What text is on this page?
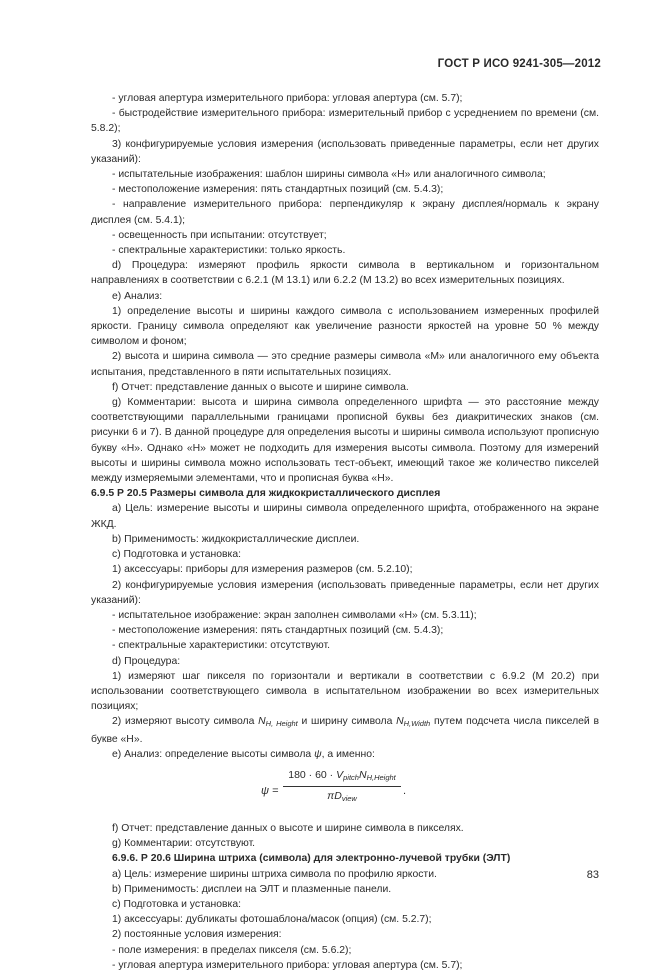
ГОСТ Р ИСО 9241-305—2012

- угловая апертура измерительного прибора: угловая апертура (см. 5.7);

- быстродействие измерительного прибора: измерительный прибор с усреднением по времени (см. 5.8.2);

3) конфигурируемые условия измерения (использовать приведенные параметры, если нет других указаний):

- испытательные изображения: шаблон ширины символа «Н» или аналогичного символа;

- местоположение измерения: пять стандартных позиций (см. 5.4.3);

- направление измерительного прибора: перпендикуляр к экрану дисплея/нормаль к экрану дисплея (см. 5.4.1);

- освещенность при испытании: отсутствует;

- спектральные характеристики: только яркость.

d) Процедура: измеряют профиль яркости символа в вертикальном и горизонтальном направлениях в соответствии с 6.2.1 (М 13.1) или 6.2.2 (М 13.2) во всех измерительных позициях.

e) Анализ:

1) определение высоты и ширины каждого символа с использованием измеренных профилей яркости. Границу символа определяют как увеличение разности яркостей на уровне 50 % между символом и фоном;

2) высота и ширина символа — это средние размеры символа «М» или аналогичного ему объекта испытания, представленного в пяти испытательных позициях.

f) Отчет: представление данных о высоте и ширине символа.

g) Комментарии: высота и ширина символа определенного шрифта — это расстояние между соответствующими параллельными границами прописной буквы без диакритических знаков (см. рисунки 6 и 7). В данной процедуре для определения высоты и ширины символа используют прописную букву «Н». Однако «Н» может не подходить для измерения высоты символа. Поэтому для измерений высоты и ширины символа можно использовать тест-объект, имеющий такое же количество пикселей между измеряемыми элементами, что и прописная буква «Н».

6.9.5 Р 20.5 Размеры символа для жидкокристаллического дисплея

a) Цель: измерение высоты и ширины символа определенного шрифта, отображенного на экране ЖКД.

b) Применимость: жидкокристаллические дисплеи.

c) Подготовка и установка:

1) аксессуары: приборы для измерения размеров (см. 5.2.10);

2) конфигурируемые условия измерения (использовать приведенные параметры, если нет других указаний):

- испытательное изображение: экран заполнен символами «Н» (см. 5.3.11);

- местоположение измерения: пять стандартных позиций (см. 5.4.3);

- спектральные характеристики: отсутствуют.

d) Процедура:

1) измеряют шаг пикселя по горизонтали и вертикали в соответствии с 6.9.2 (М 20.2) при использовании соответствующего символа в испытательном изображении во всех измерительных позициях;

2) измеряют высоту символа $N_{H, Height}$ и ширину символа $N_{H,Width}$ путем подсчета числа пикселей в букве «Н».

e) Анализ: определение высоты символа ψ, а именно:

ψ =
$180 \cdot 60 \cdot V_{pitch}N_{H,Height}$
$\pi D_{view}$
.

f) Отчет: представление данных о высоте и ширине символа в пикселях.

g) Комментарии: отсутствуют.

6.9.6. Р 20.6 Ширина штриха (символа) для электронно-лучевой трубки (ЭЛТ)

a) Цель: измерение ширины штриха символа по профилю яркости.

b) Применимость: дисплеи на ЭЛТ и плазменные панели.

c) Подготовка и установка:

1) аксессуары: дубликаты фотошаблона/масок (опция) (см. 5.2.7);

2) постоянные условия измерения:

- поле измерения: в пределах пикселя (см. 5.6.2);

- угловая апертура измерительного прибора: угловая апертура (см. 5.7);

83
